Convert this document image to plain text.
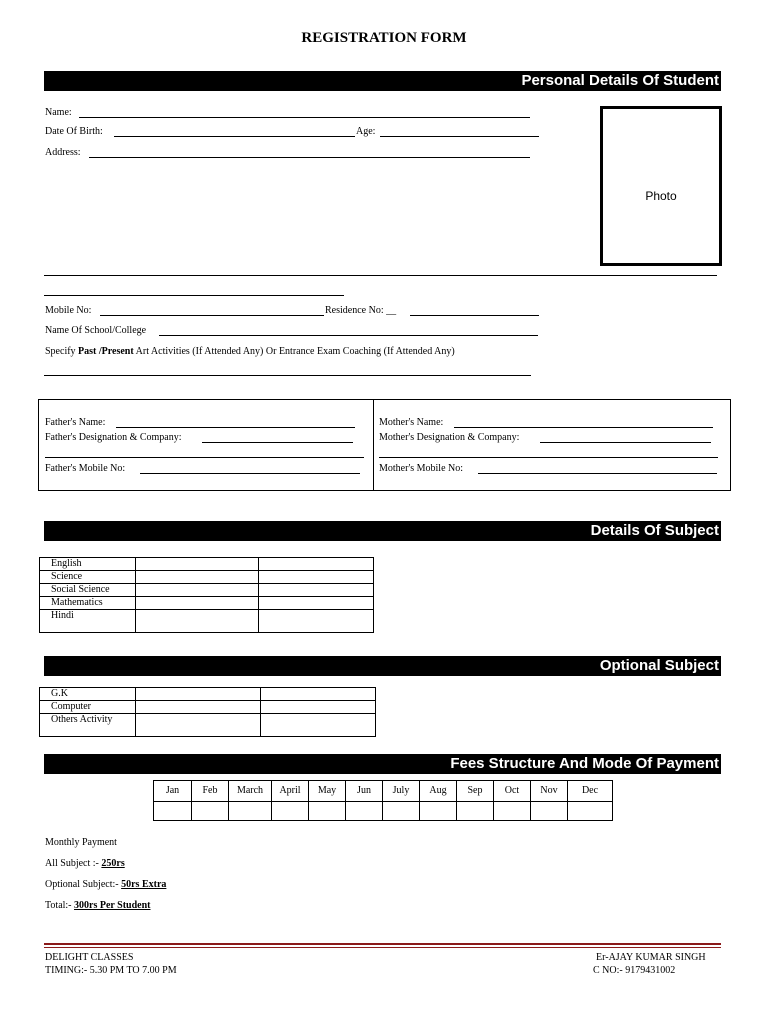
REGISTRATION FORM
Personal Details Of Student
Name:
Date Of Birth:	Age:
Address:
Photo
Mobile No:	Residence No: __
Name Of School/College
Specify Past /Present Art Activities (If Attended Any) Or Entrance Exam Coaching (If Attended Any)
Father's Name:
Father's Designation & Company:
Father's Mobile No:
Mother's Name:
Mother's Designation & Company:
Mother's Mobile No:
Details Of Subject
English		
Science		
Social Science		
Mathematics		
Hindi		
Optional Subject
G.K		
Computer		
Others Activity		
Fees Structure And Mode Of Payment
Jan	Feb	March	April	May	Jun	July	Aug	Sep	Oct	Nov	Dec

Monthly Payment
All Subject :- 250rs
Optional Subject:- 50rs Extra
Total:- 300rs Per Student
DELIGHT CLASSES
TIMING:- 5.30 PM TO 7.00 PM
Er-AJAY KUMAR SINGH
C NO:- 9179431002
